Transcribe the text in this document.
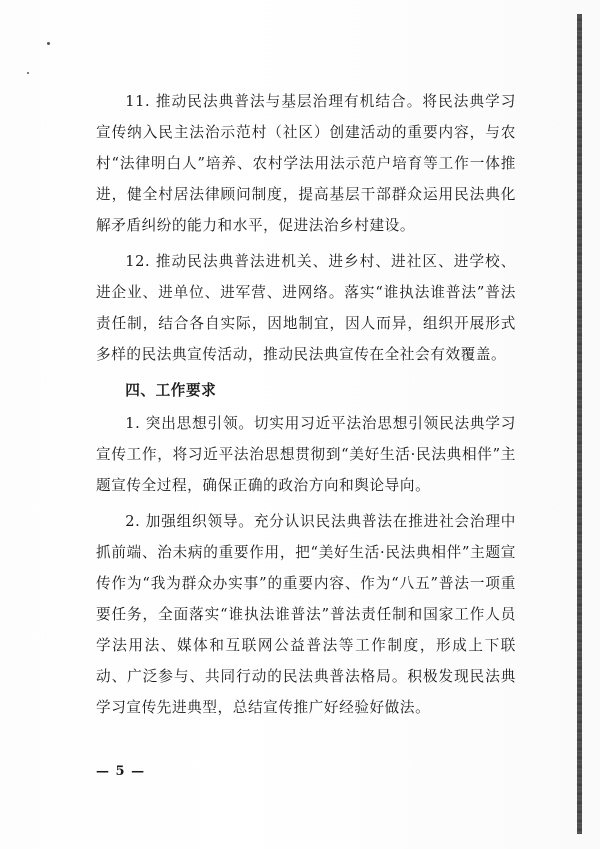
11. 推动民法典普法与基层治理有机结合。将民法典学习宣传纳入民主法治示范村（社区）创建活动的重要内容，与农村“法律明白人”培养、农村学法用法示范户培育等工作一体推进，健全村居法律顾问制度，提高基层干部群众运用民法典化解矛盾纠纷的能力和水平，促进法治乡村建设。

12. 推动民法典普法进机关、进乡村、进社区、进学校、进企业、进单位、进军营、进网络。落实“谁执法谁普法”普法责任制，结合各自实际，因地制宜，因人而异，组织开展形式多样的民法典宣传活动，推动民法典宣传在全社会有效覆盖。

四、工作要求

1. 突出思想引领。切实用习近平法治思想引领民法典学习宣传工作，将习近平法治思想贯彻到“美好生活·民法典相伴”主题宣传全过程，确保正确的政治方向和舆论导向。

2. 加强组织领导。充分认识民法典普法在推进社会治理中抓前端、治未病的重要作用，把“美好生活·民法典相伴”主题宣传作为“我为群众办实事”的重要内容、作为“八五”普法一项重要任务，全面落实“谁执法谁普法”普法责任制和国家工作人员学法用法、媒体和互联网公益普法等工作制度，形成上下联动、广泛参与、共同行动的民法典普法格局。积极发现民法典学习宣传先进典型，总结宣传推广好经验好做法。

— 5 —
